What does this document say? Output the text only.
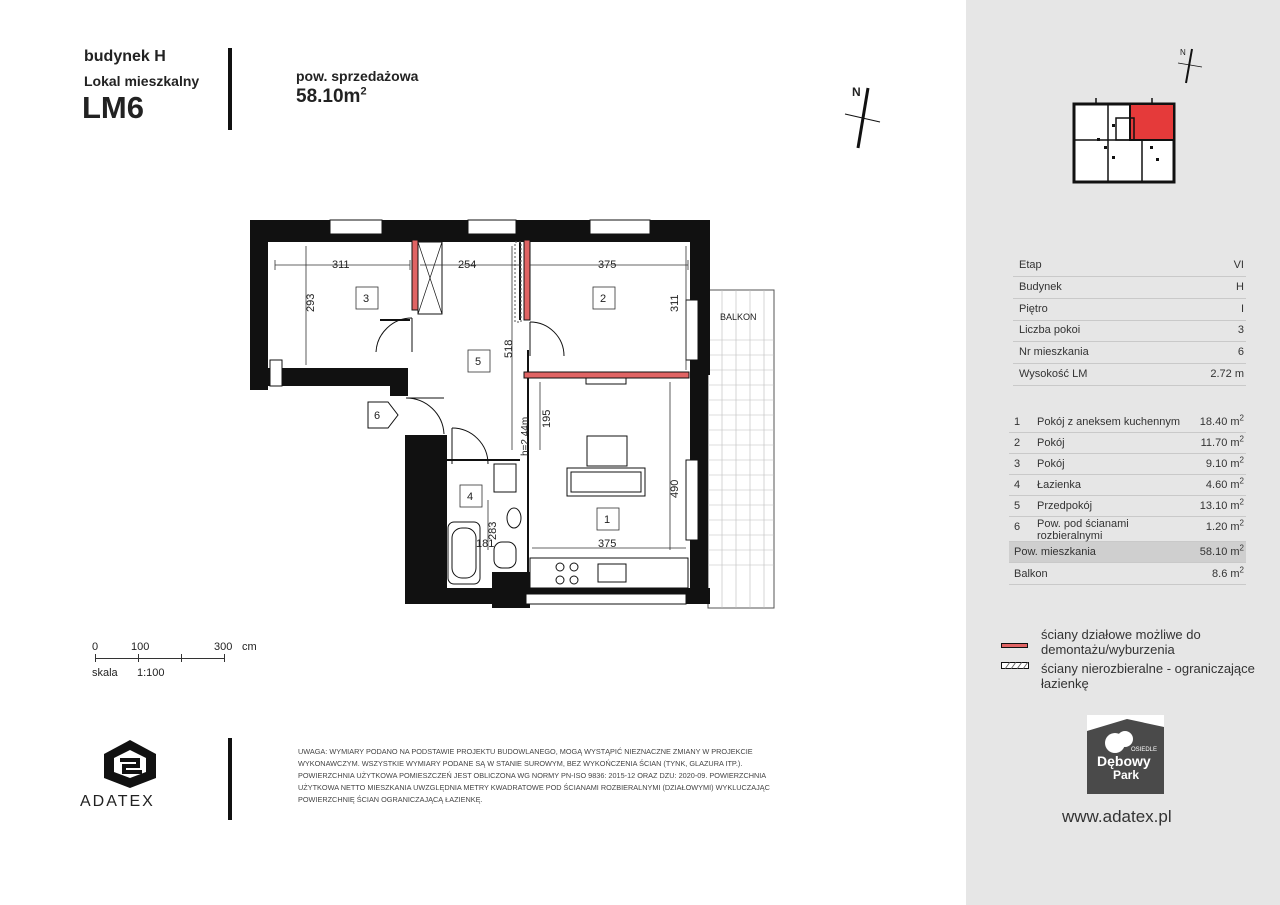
budynek H
Lokal mieszkalny
LM6
pow. sprzedażowa
$58.10m^2$	N
BALKON
311	254	375
293	311
518
195
h=2.44m
490
283
181	375
3	2
5
4
1
6
0	100	300 cm
skala 1:100
ADATEX
UWAGA: WYMIARY PODANO NA PODSTAWIE PROJEKTU BUDOWLANEGO, MOGĄ WYSTĄPIĆ NIEZNACZNE ZMIANY W PROJEKCIE
WYKONAWCZYM. WSZYSTKIE WYMIARY PODANE SĄ W STANIE SUROWYM, BEZ WYKOŃCZENIA ŚCIAN (TYNK, GLAZURA ITP.).
POWIERZCHNIA UŻYTKOWA POMIESZCZEŃ JEST OBLICZONA WG NORMY PN-ISO 9836: 2015-12 ORAZ DZU: 2020-09. POWIERZCHNIA
UŻYTKOWA NETTO MIESZKANIA UWZGLĘDNIA METRY KWADRATOWE POD ŚCIANAMI ROZBIERALNYMI (DZIAŁOWYMI) WYKLUCZAJĄC
POWIERZCHNIĘ ŚCIAN OGRANICZAJĄCĄ ŁAZIENKĘ.
N
Etap	VI
Budynek	H
Piętro	I
Liczba pokoi	3
Nr mieszkania	6
Wysokość LM	2.72 m
1 Pokój z aneksem kuchennym 18.40 $m^2$
2 Pokój	11.70 $m^2$
3 Pokój	9.10 $m^2$
4 Łazienka	4.60 $m^2$
5 Przedpokój	13.10 $m^2$
6 Pow. pod ścianami rozbieralnymi
1.20 $m^2$
Pow. mieszkania	58.10 $m^2$
Balkon	8.6 $m^2$
ściany działowe możliwe do demontażu/wyburzenia
ściany nierozbieralne - ograniczające łazienkę
OSIEDLE
Dębowy
Park
www.adatex.pl
